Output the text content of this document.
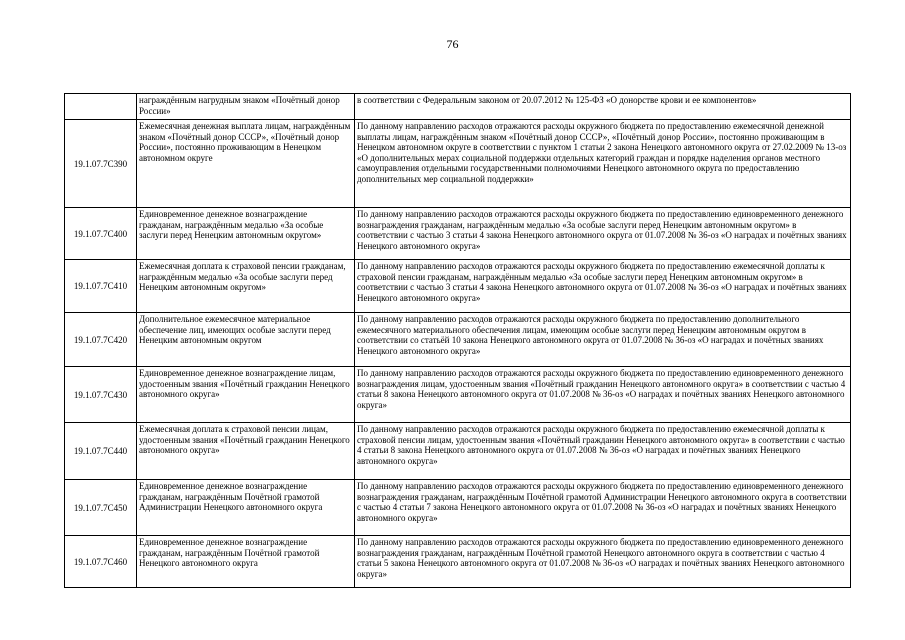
76
	награждённым нагрудным знаком «Почётный донор России»	в соответствии с Федеральным законом от 20.07.2012 № 125-ФЗ «О донорстве крови и ее компонентов»
19.1.07.7С390	Ежемесячная денежная выплата лицам, награждённым знаком «Почётный донор СССР», «Почётный донор России», постоянно проживающим в Ненецком автономном округе	По данному направлению расходов отражаются расходы окружного бюджета по предоставлению ежемесячной денежной выплаты лицам, награждённым знаком «Почётный донор СССР», «Почётный донор России», постоянно проживающим в Ненецком автономном округе в соответствии с пунктом 1 статьи 2 закона Ненецкого автономного округа от 27.02.2009 № 13-оз «О дополнительных мерах социальной поддержки отдельных категорий граждан и порядке наделения органов местного самоуправления отдельными государственными полномочиями Ненецкого автономного округа по предоставлению дополнительных мер социальной поддержки»
19.1.07.7С400	Единовременное денежное вознаграждение гражданам, награждённым медалью «За особые заслуги перед Ненецким автономным округом»	По данному направлению расходов отражаются расходы окружного бюджета по предоставлению единовременного денежного вознаграждения гражданам, награждённым медалью «За особые заслуги перед Ненецким автономным округом» в соответствии с частью 3 статьи 4 закона Ненецкого автономного округа от 01.07.2008 № 36-оз «О наградах и почётных званиях Ненецкого автономного округа»
19.1.07.7С410	Ежемесячная доплата к страховой пенсии гражданам, награждённым медалью «За особые заслуги перед Ненецким автономным округом»	По данному направлению расходов отражаются расходы окружного бюджета по предоставлению ежемесячной доплаты к страховой пенсии гражданам, награждённым медалью «За особые заслуги перед Ненецким автономным округом» в соответствии с частью 3 статьи 4 закона Ненецкого автономного округа от 01.07.2008 № 36-оз «О наградах и почётных званиях Ненецкого автономного округа»
19.1.07.7С420	Дополнительное ежемесячное материальное обеспечение лиц, имеющих особые заслуги перед Ненецким автономным округом	По данному направлению расходов отражаются расходы окружного бюджета по предоставлению дополнительного ежемесячного материального обеспечения лицам, имеющим особые заслуги перед Ненецким автономным округом в соответствии со статьёй 10 закона Ненецкого автономного округа от 01.07.2008 № 36-оз «О наградах и почётных званиях Ненецкого автономного округа»
19.1.07.7С430	Единовременное денежное вознаграждение лицам, удостоенным звания «Почётный гражданин Ненецкого автономного округа»	По данному направлению расходов отражаются расходы окружного бюджета по предоставлению единовременного денежного вознаграждения лицам, удостоенным звания «Почётный гражданин Ненецкого автономного округа» в соответствии с частью 4 статьи 8 закона Ненецкого автономного округа от 01.07.2008 № 36-оз «О наградах и почётных званиях Ненецкого автономного округа»
19.1.07.7С440	Ежемесячная доплата к страховой пенсии лицам, удостоенным звания «Почётный гражданин Ненецкого автономного округа»	По данному направлению расходов отражаются расходы окружного бюджета по предоставлению ежемесячной доплаты к страховой пенсии лицам, удостоенным звания «Почётный гражданин Ненецкого автономного округа» в соответствии с частью 4 статьи 8 закона Ненецкого автономного округа от 01.07.2008 № 36-оз «О наградах и почётных званиях Ненецкого автономного округа»
19.1.07.7С450	Единовременное денежное вознаграждение гражданам, награждённым Почётной грамотой Администрации Ненецкого автономного округа	По данному направлению расходов отражаются расходы окружного бюджета по предоставлению единовременного денежного вознаграждения гражданам, награждённым Почётной грамотой Администрации Ненецкого автономного округа в соответствии с частью 4 статьи 7 закона Ненецкого автономного округа от 01.07.2008 № 36-оз «О наградах и почётных званиях Ненецкого автономного округа»
19.1.07.7С460	Единовременное денежное вознаграждение гражданам, награждённым Почётной грамотой Ненецкого автономного округа	По данному направлению расходов отражаются расходы окружного бюджета по предоставлению единовременного денежного вознаграждения гражданам, награждённым Почётной грамотой Ненецкого автономного округа в соответствии с частью 4 статьи 5 закона Ненецкого автономного округа от 01.07.2008 № 36-оз «О наградах и почётных званиях Ненецкого автономного округа»
